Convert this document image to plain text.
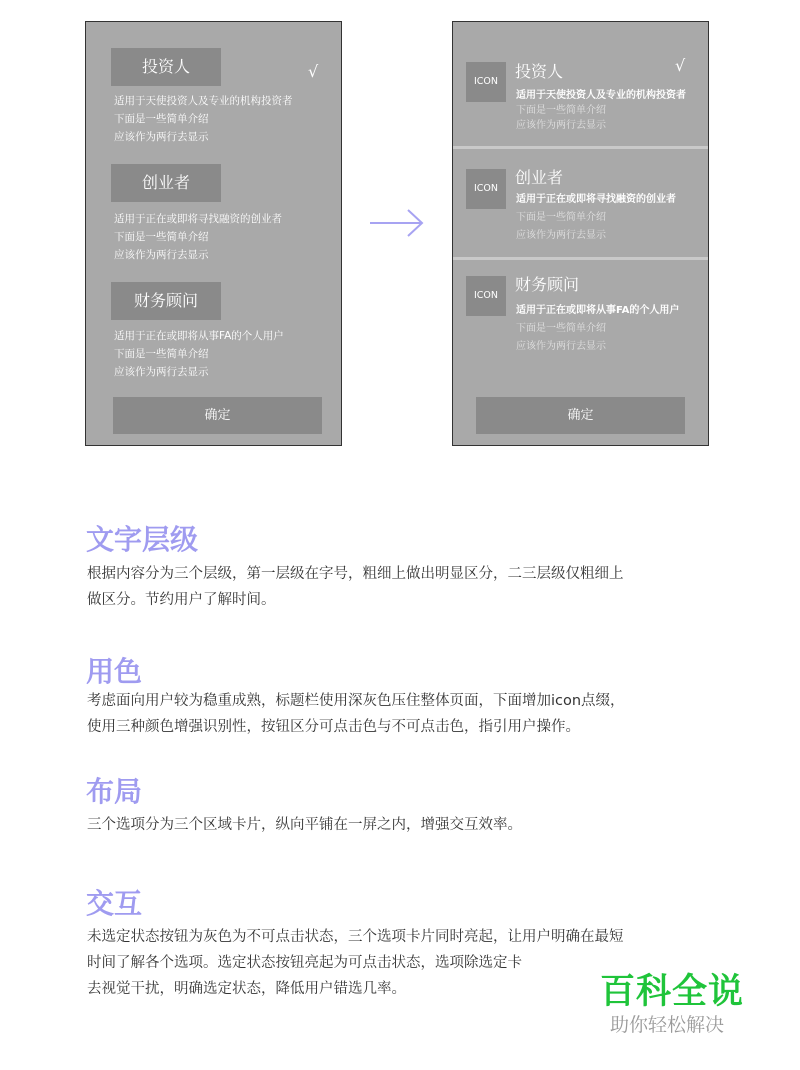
投资人	√
适用于天使投资人及专业的机构投资者
下面是一些简单介绍
应该作为两行去显示
创业者
适用于正在或即将寻找融资的创业者
下面是一些简单介绍
应该作为两行去显示
财务顾问
适用于正在或即将从事FA的个人用户
下面是一些简单介绍
应该作为两行去显示
确定
ICON
投资人	√
适用于天使投资人及专业的机构投资者
下面是一些简单介绍
应该作为两行去显示
ICON
创业者
适用于正在或即将寻找融资的创业者
下面是一些简单介绍
应该作为两行去显示
ICON
财务顾问
适用于正在或即将从事FA的个人用户
下面是一些简单介绍
应该作为两行去显示
确定
文字层级
根据内容分为三个层级，第一层级在字号，粗细上做出明显区分，二三层级仅粗细上
做区分。节约用户了解时间。
用色
考虑面向用户较为稳重成熟，标题栏使用深灰色压住整体页面，下面增加icon点缀，
使用三种颜色增强识别性，按钮区分可点击色与不可点击色，指引用户操作。
布局
三个选项分为三个区域卡片，纵向平铺在一屏之内，增强交互效率。
交互
未选定状态按钮为灰色为不可点击状态，三个选项卡片同时亮起，让用户明确在最短
时间了解各个选项。选定状态按钮亮起为可点击状态，选项除选定卡
去视觉干扰，明确选定状态，降低用户错选几率。	百科全说
助你轻松解决
